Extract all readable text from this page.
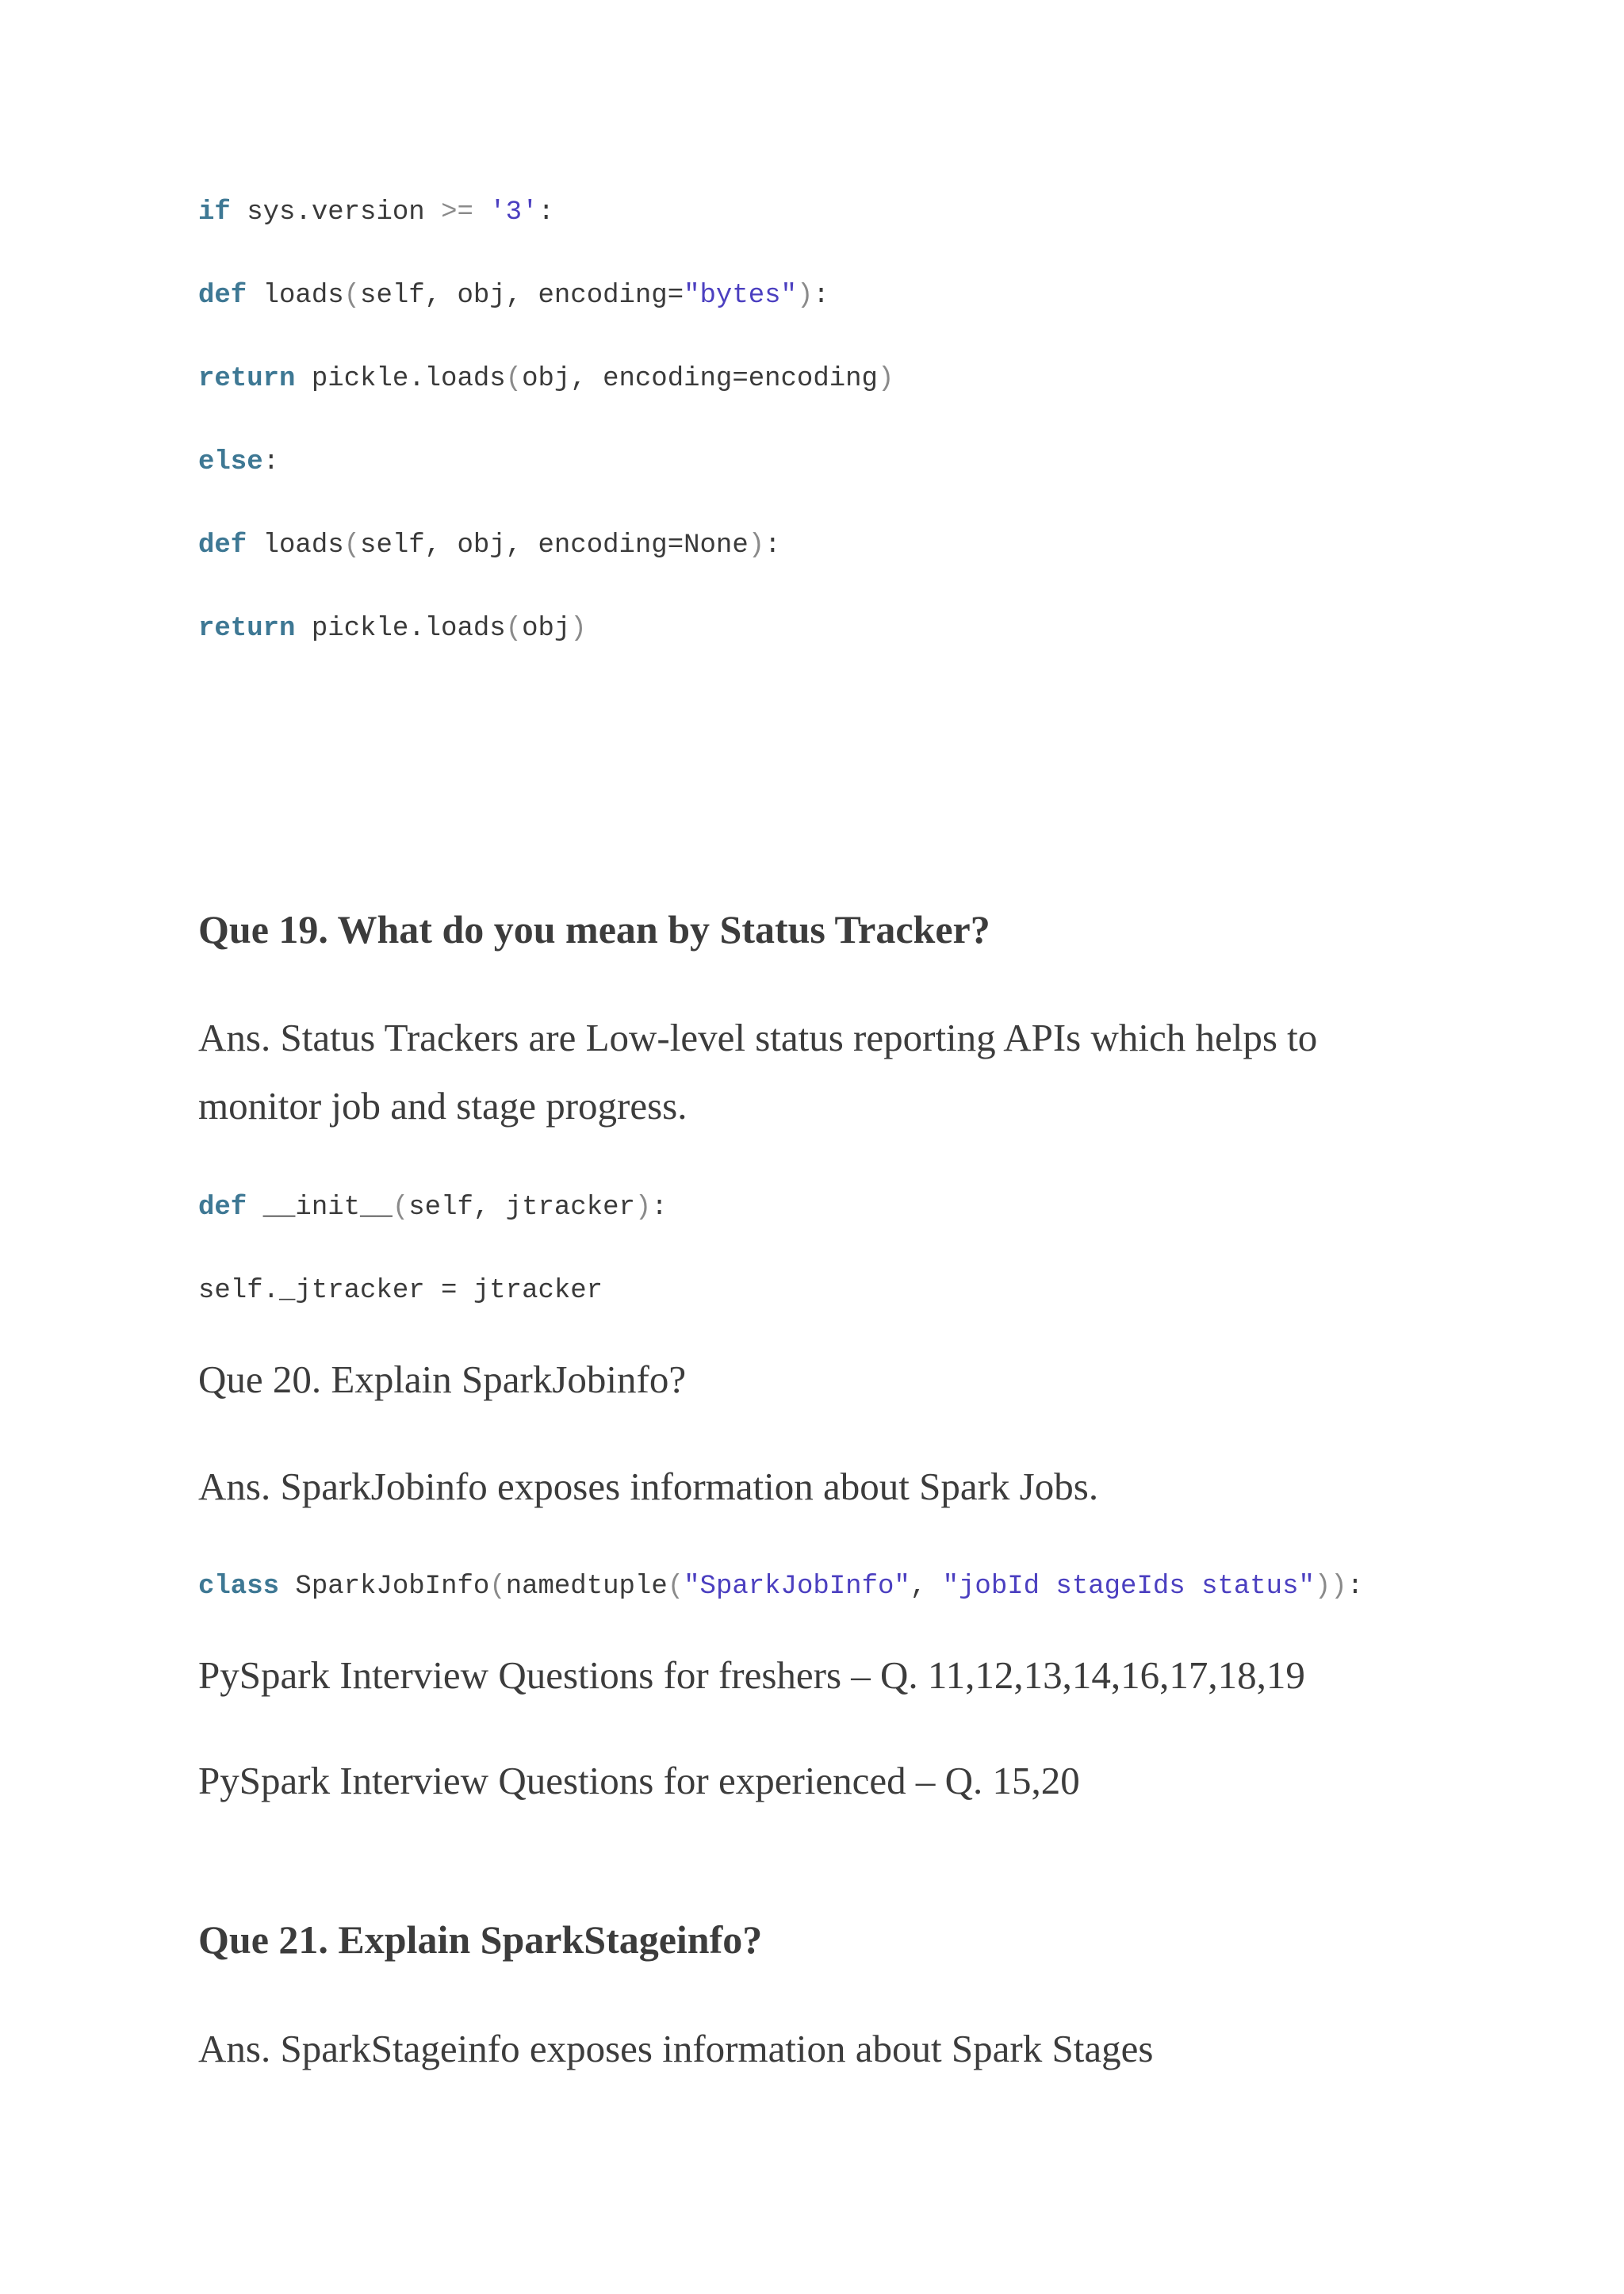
if sys.version >= '3':
def loads(self, obj, encoding="bytes"):
return pickle.loads(obj, encoding=encoding)
else:
def loads(self, obj, encoding=None):
return pickle.loads(obj)
Que 19. What do you mean by Status Tracker?

Ans. Status Trackers are Low-level status reporting APIs which helps to monitor job and stage progress.

def __init__(self, jtracker):
self._jtracker = jtracker

Que 20. Explain SparkJobinfo?

Ans. SparkJobinfo exposes information about Spark Jobs.

class SparkJobInfo(namedtuple("SparkJobInfo", "jobId stageIds status")):

PySpark Interview Questions for freshers – Q. 11,12,13,14,16,17,18,19

PySpark Interview Questions for experienced – Q. 15,20

Que 21. Explain SparkStageinfo?

Ans. SparkStageinfo exposes information about Spark Stages
